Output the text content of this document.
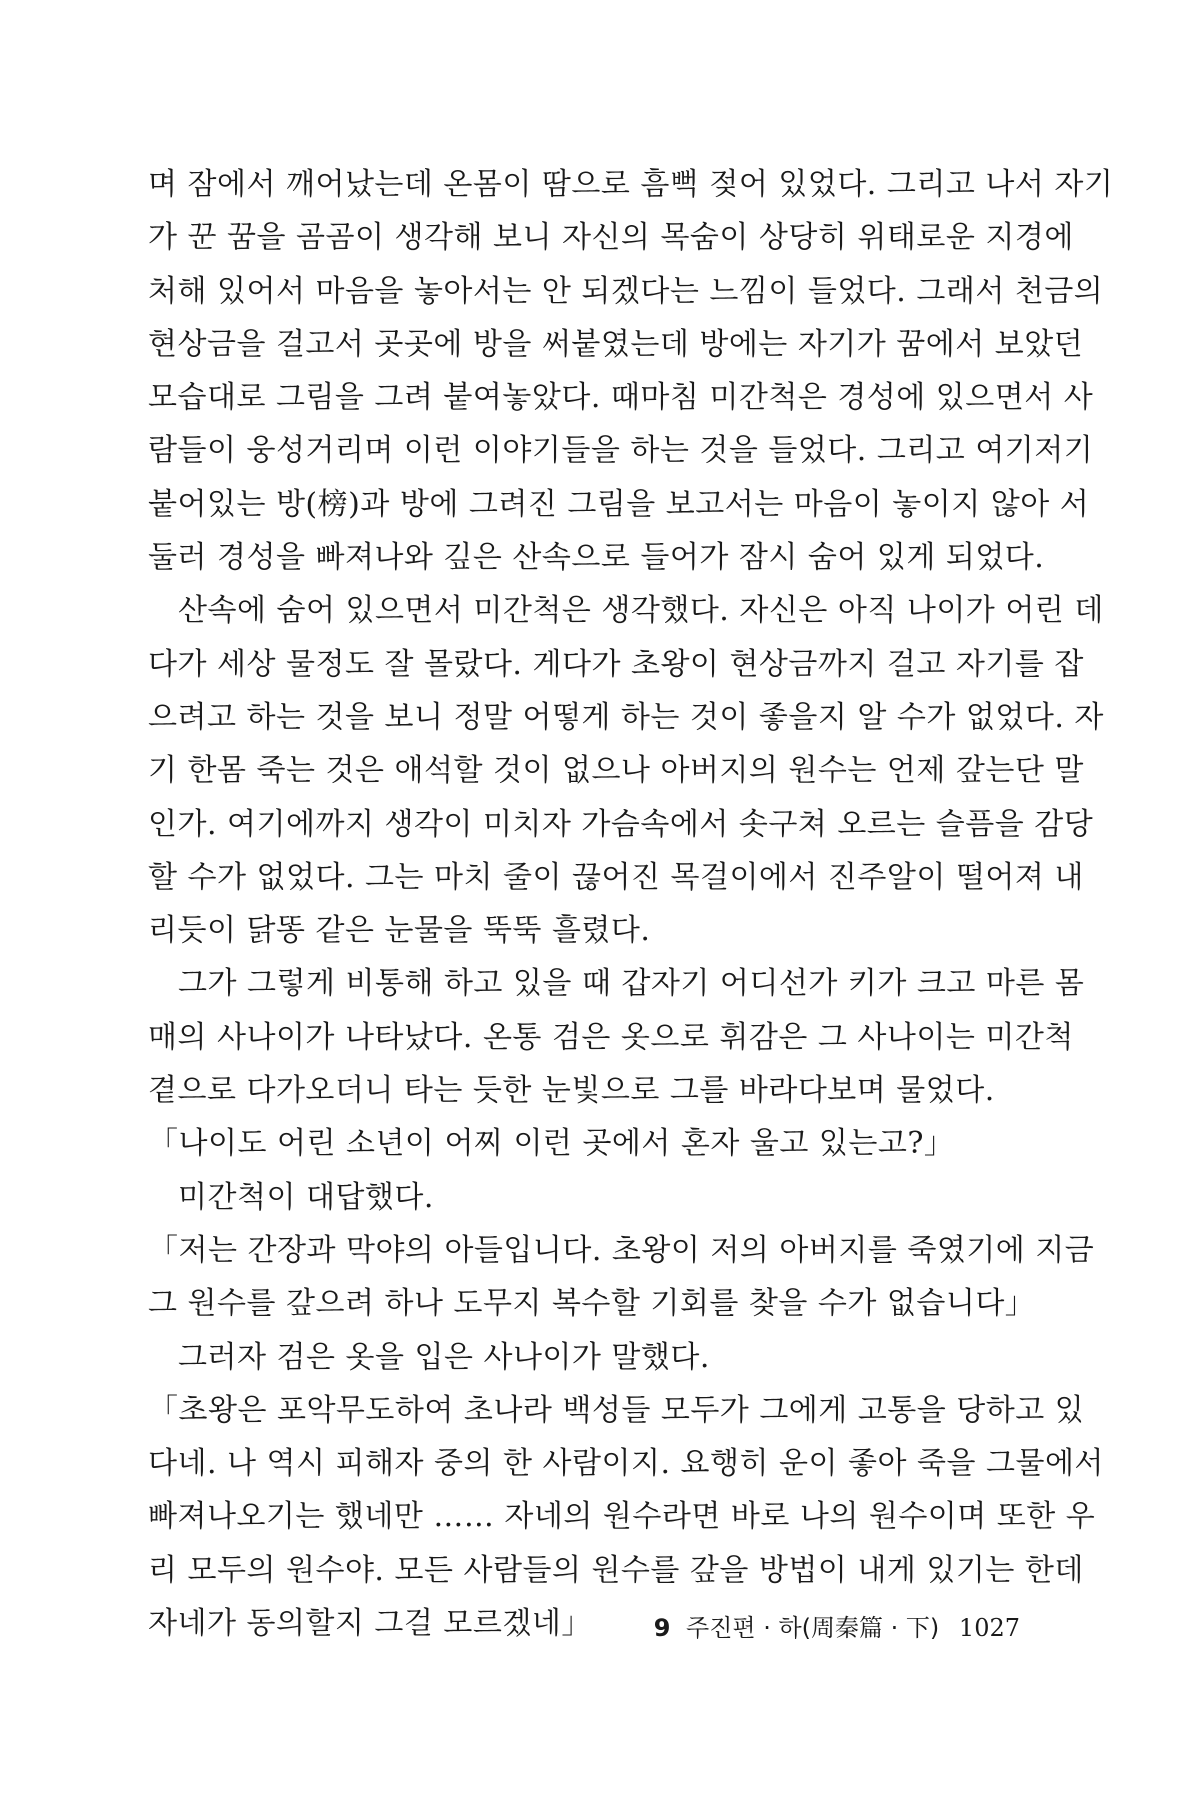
며 잠에서 깨어났는데 온몸이 땀으로 흠뻑 젖어 있었다. 그리고 나서 자기
가 꾼 꿈을 곰곰이 생각해 보니 자신의 목숨이 상당히 위태로운 지경에
처해 있어서 마음을 놓아서는 안 되겠다는 느낌이 들었다. 그래서 천금의
현상금을 걸고서 곳곳에 방을 써붙였는데 방에는 자기가 꿈에서 보았던
모습대로 그림을 그려 붙여놓았다. 때마침 미간척은 경성에 있으면서 사
람들이 웅성거리며 이런 이야기들을 하는 것을 들었다. 그리고 여기저기
붙어있는 방(榜)과 방에 그려진 그림을 보고서는 마음이 놓이지 않아 서
둘러 경성을 빠져나와 깊은 산속으로 들어가 잠시 숨어 있게 되었다.
산속에 숨어 있으면서 미간척은 생각했다. 자신은 아직 나이가 어린 데
다가 세상 물정도 잘 몰랐다. 게다가 초왕이 현상금까지 걸고 자기를 잡
으려고 하는 것을 보니 정말 어떻게 하는 것이 좋을지 알 수가 없었다. 자
기 한몸 죽는 것은 애석할 것이 없으나 아버지의 원수는 언제 갚는단 말
인가. 여기에까지 생각이 미치자 가슴속에서 솟구쳐 오르는 슬픔을 감당
할 수가 없었다. 그는 마치 줄이 끊어진 목걸이에서 진주알이 떨어져 내
리듯이 닭똥 같은 눈물을 뚝뚝 흘렸다.
그가 그렇게 비통해 하고 있을 때 갑자기 어디선가 키가 크고 마른 몸
매의 사나이가 나타났다. 온통 검은 옷으로 휘감은 그 사나이는 미간척
곁으로 다가오더니 타는 듯한 눈빛으로 그를 바라다보며 물었다.
「나이도 어린 소년이 어찌 이런 곳에서 혼자 울고 있는고?」
미간척이 대답했다.
「저는 간장과 막야의 아들입니다. 초왕이 저의 아버지를 죽였기에 지금
그 원수를 갚으려 하나 도무지 복수할 기회를 찾을 수가 없습니다」
그러자 검은 옷을 입은 사나이가 말했다.
「초왕은 포악무도하여 초나라 백성들 모두가 그에게 고통을 당하고 있
다네. 나 역시 피해자 중의 한 사람이지. 요행히 운이 좋아 죽을 그물에서
빠져나오기는 했네만 …… 자네의 원수라면 바로 나의 원수이며 또한 우
리 모두의 원수야. 모든 사람들의 원수를 갚을 방법이 내게 있기는 한데
자네가 동의할지 그걸 모르겠네」	9 주진편 · 하(周秦篇 · 下) 1027
